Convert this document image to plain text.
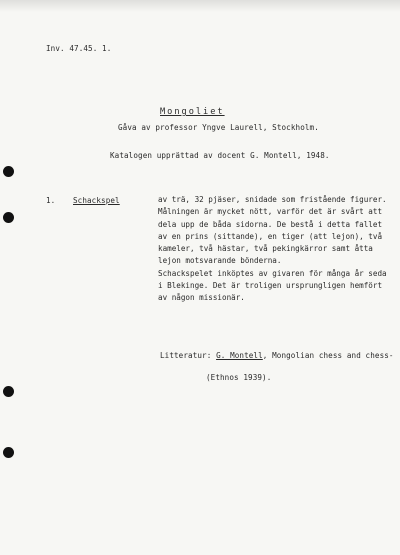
Inv. 47.45. 1.
Mongoliet
Gåva av professor Yngve Laurell, Stockholm.
Katalogen upprättad av docent G. Montell, 1948.
1. Schackspel	av trä, 32 pjäser, snidade som fristående figurer.
Målningen är mycket nött, varför det är svårt att
dela upp de båda sidorna. De bestå i detta fallet
av en prins (sittande), en tiger (att lejon), två
kameler, två hästar, två pekingkärror samt åtta
lejon motsvarande bönderna.
Schackspelet inköptes av givaren för många år seda
i Blekinge. Det är troligen ursprungligen hemfört
av någon missionär.
Litteratur: G. Montell, Mongolian chess and chess-
(Ethnos 1939).
